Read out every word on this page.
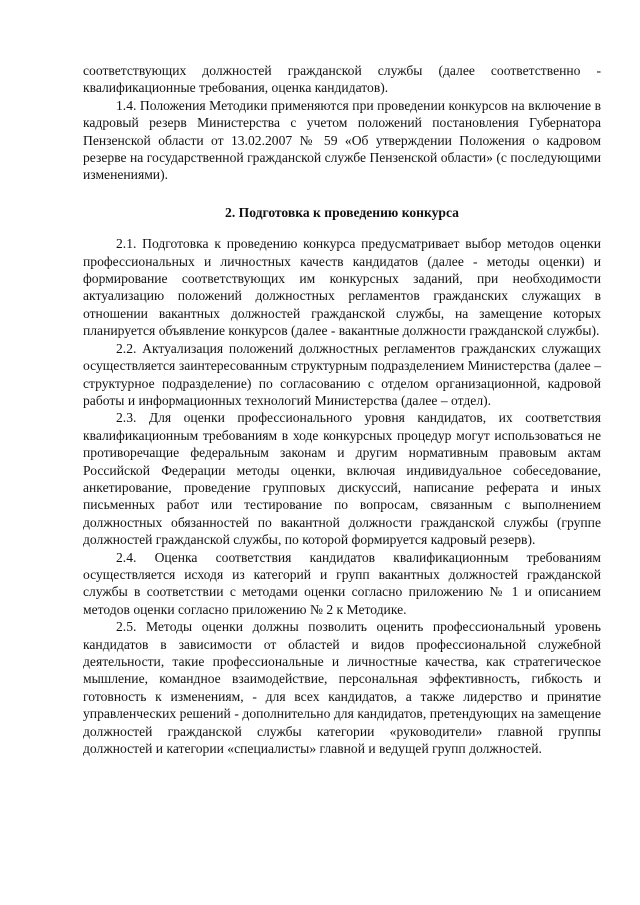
соответствующих должностей гражданской службы (далее соответственно - квалификационные требования, оценка кандидатов).

1.4. Положения Методики применяются при проведении конкурсов на включение в кадровый резерв Министерства с учетом положений постановления Губернатора Пензенской области от 13.02.2007 № 59 «Об утверждении Положения о кадровом резерве на государственной гражданской службе Пензенской области» (с последующими изменениями).

2. Подготовка к проведению конкурса

2.1. Подготовка к проведению конкурса предусматривает выбор методов оценки профессиональных и личностных качеств кандидатов (далее - методы оценки) и формирование соответствующих им конкурсных заданий, при необходимости актуализацию положений должностных регламентов гражданских служащих в отношении вакантных должностей гражданской службы, на замещение которых планируется объявление конкурсов (далее - вакантные должности гражданской службы).

2.2. Актуализация положений должностных регламентов гражданских служащих осуществляется заинтересованным структурным подразделением Министерства (далее – структурное подразделение) по согласованию с отделом организационной, кадровой работы и информационных технологий Министерства (далее – отдел).

2.3. Для оценки профессионального уровня кандидатов, их соответствия квалификационным требованиям в ходе конкурсных процедур могут использоваться не противоречащие федеральным законам и другим нормативным правовым актам Российской Федерации методы оценки, включая индивидуальное собеседование, анкетирование, проведение групповых дискуссий, написание реферата и иных письменных работ или тестирование по вопросам, связанным с выполнением должностных обязанностей по вакантной должности гражданской службы (группе должностей гражданской службы, по которой формируется кадровый резерв).

2.4. Оценка соответствия кандидатов квалификационным требованиям осуществляется исходя из категорий и групп вакантных должностей гражданской службы в соответствии с методами оценки согласно приложению № 1 и описанием методов оценки согласно приложению № 2 к Методике.

2.5. Методы оценки должны позволить оценить профессиональный уровень кандидатов в зависимости от областей и видов профессиональной служебной деятельности, такие профессиональные и личностные качества, как стратегическое мышление, командное взаимодействие, персональная эффективность, гибкость и готовность к изменениям, - для всех кандидатов, а также лидерство и принятие управленческих решений - дополнительно для кандидатов, претендующих на замещение должностей гражданской службы категории «руководители» главной группы должностей и категории «специалисты» главной и ведущей групп должностей.
